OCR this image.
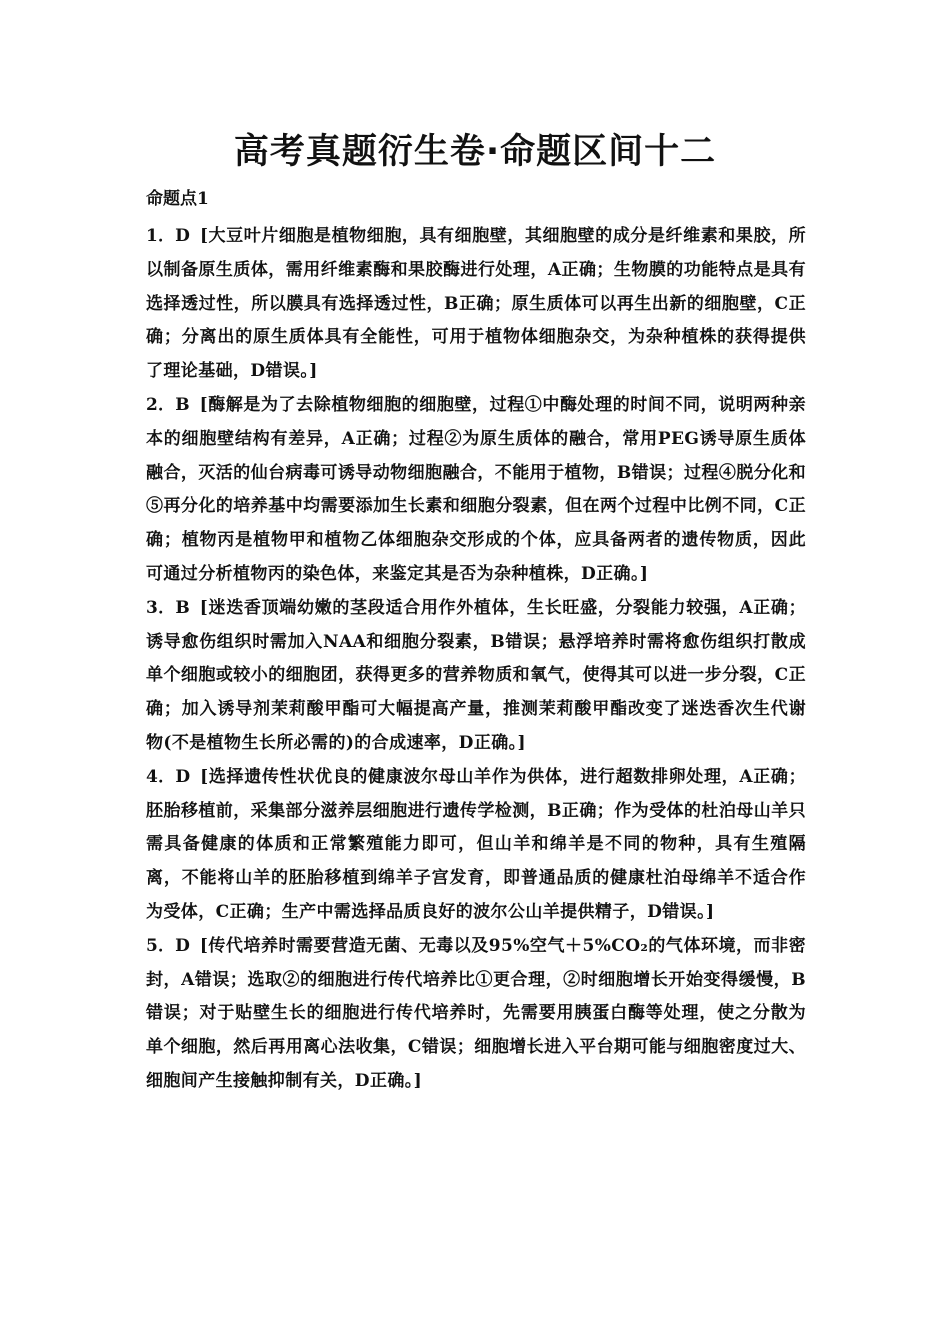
高考真题衍生卷·命题区间十二
命题点1

1．D [大豆叶片细胞是植物细胞，具有细胞壁，其细胞壁的成分是纤维素和果胶，所以制备原生质体，需用纤维素酶和果胶酶进行处理，A正确；生物膜的功能特点是具有选择透过性，所以膜具有选择透过性，B正确；原生质体可以再生出新的细胞壁，C正确；分离出的原生质体具有全能性，可用于植物体细胞杂交，为杂种植株的获得提供了理论基础，D错误。]

2．B [酶解是为了去除植物细胞的细胞壁，过程①中酶处理的时间不同，说明两种亲本的细胞壁结构有差异，A正确；过程②为原生质体的融合，常用PEG诱导原生质体融合，灭活的仙台病毒可诱导动物细胞融合，不能用于植物，B错误；过程④脱分化和⑤再分化的培养基中均需要添加生长素和细胞分裂素，但在两个过程中比例不同，C正确；植物丙是植物甲和植物乙体细胞杂交形成的个体，应具备两者的遗传物质，因此可通过分析植物丙的染色体，来鉴定其是否为杂种植株，D正确。]

3．B [迷迭香顶端幼嫩的茎段适合用作外植体，生长旺盛，分裂能力较强，A正确；诱导愈伤组织时需加入NAA和细胞分裂素，B错误；悬浮培养时需将愈伤组织打散成单个细胞或较小的细胞团，获得更多的营养物质和氧气，使得其可以进一步分裂，C正确；加入诱导剂茉莉酸甲酯可大幅提高产量，推测茉莉酸甲酯改变了迷迭香次生代谢物(不是植物生长所必需的)的合成速率，D正确。]

4．D [选择遗传性状优良的健康波尔母山羊作为供体，进行超数排卵处理，A正确；胚胎移植前，采集部分滋养层细胞进行遗传学检测，B正确；作为受体的杜泊母山羊只需具备健康的体质和正常繁殖能力即可，但山羊和绵羊是不同的物种，具有生殖隔离，不能将山羊的胚胎移植到绵羊子宫发育，即普通品质的健康杜泊母绵羊不适合作为受体，C正确；生产中需选择品质良好的波尔公山羊提供精子，D错误。]

5．D [传代培养时需要营造无菌、无毒以及95%空气＋5%CO₂的气体环境，而非密封，A错误；选取②的细胞进行传代培养比①更合理，②时细胞增长开始变得缓慢，B错误；对于贴壁生长的细胞进行传代培养时，先需要用胰蛋白酶等处理，使之分散为单个细胞，然后再用离心法收集，C错误；细胞增长进入平台期可能与细胞密度过大、细胞间产生接触抑制有关，D正确。]
